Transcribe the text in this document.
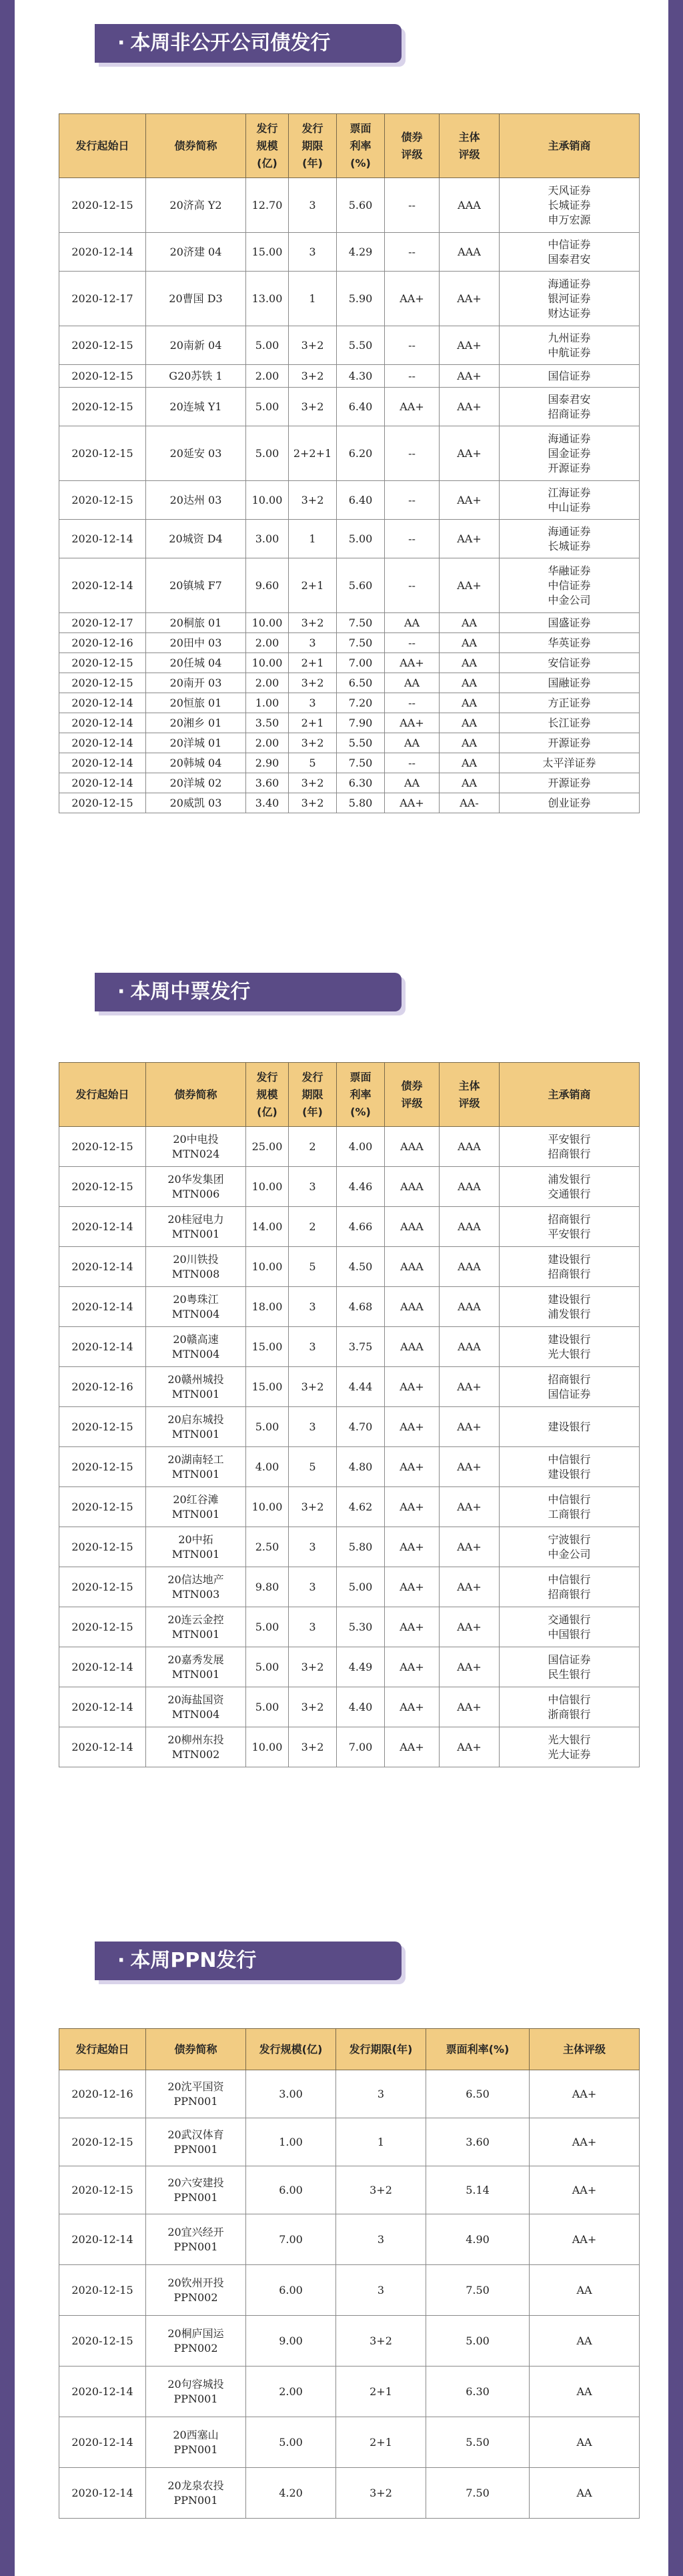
· 本周非公开公司债发行
发行起始日	债券简称	发行
规模
(亿)	发行
期限
(年)	票面
利率
(%)	债券
评级	主体
评级	主承销商
2020-12-15	20济高 Y2	12.70	3	5.60	--	AAA	天风证券
长城证券
申万宏源
2020-12-14	20济建 04	15.00	3	4.29	--	AAA	中信证券
国泰君安
2020-12-17	20曹国 D3	13.00	1	5.90	AA+	AA+	海通证券
银河证券
财达证券
2020-12-15	20南新 04	5.00	3+2	5.50	--	AA+	九州证券
中航证券
2020-12-15	G20苏铁 1	2.00	3+2	4.30	--	AA+	国信证券
2020-12-15	20连城 Y1	5.00	3+2	6.40	AA+	AA+	国泰君安
招商证券
2020-12-15	20延安 03	5.00	2+2+1	6.20	--	AA+	海通证券
国金证券
开源证券
2020-12-15	20达州 03	10.00	3+2	6.40	--	AA+	江海证券
中山证券
2020-12-14	20城资 D4	3.00	1	5.00	--	AA+	海通证券
长城证券
2020-12-14	20镇城 F7	9.60	2+1	5.60	--	AA+	华融证券
中信证券
中金公司
2020-12-17	20桐旅 01	10.00	3+2	7.50	AA	AA	国盛证券
2020-12-16	20田中 03	2.00	3	7.50	--	AA	华英证券
2020-12-15	20任城 04	10.00	2+1	7.00	AA+	AA	安信证券
2020-12-15	20南开 03	2.00	3+2	6.50	AA	AA	国融证券
2020-12-14	20恒旅 01	1.00	3	7.20	--	AA	方正证券
2020-12-14	20湘乡 01	3.50	2+1	7.90	AA+	AA	长江证券
2020-12-14	20洋城 01	2.00	3+2	5.50	AA	AA	开源证券
2020-12-14	20韩城 04	2.90	5	7.50	--	AA	太平洋证券
2020-12-14	20洋城 02	3.60	3+2	6.30	AA	AA	开源证券
2020-12-15	20威凯 03	3.40	3+2	5.80	AA+	AA-	创业证券
· 本周中票发行
发行起始日	债券简称	发行
规模
(亿)	发行
期限
(年)	票面
利率
(%)	债券
评级	主体
评级	主承销商
2020-12-15	20中电投
MTN024	25.00	2	4.00	AAA	AAA	平安银行
招商银行
2020-12-15	20华发集团
MTN006	10.00	3	4.46	AAA	AAA	浦发银行
交通银行
2020-12-14	20桂冠电力
MTN001	14.00	2	4.66	AAA	AAA	招商银行
平安银行
2020-12-14	20川铁投
MTN008	10.00	5	4.50	AAA	AAA	建设银行
招商银行
2020-12-14	20粤珠江
MTN004	18.00	3	4.68	AAA	AAA	建设银行
浦发银行
2020-12-14	20赣高速
MTN004	15.00	3	3.75	AAA	AAA	建设银行
光大银行
2020-12-16	20赣州城投
MTN001	15.00	3+2	4.44	AA+	AA+	招商银行
国信证券
2020-12-15	20启东城投
MTN001	5.00	3	4.70	AA+	AA+	建设银行
2020-12-15	20湖南轻工
MTN001	4.00	5	4.80	AA+	AA+	中信银行
建设银行
2020-12-15	20红谷滩
MTN001	10.00	3+2	4.62	AA+	AA+	中信银行
工商银行
2020-12-15	20中拓
MTN001	2.50	3	5.80	AA+	AA+	宁波银行
中金公司
2020-12-15	20信达地产
MTN003	9.80	3	5.00	AA+	AA+	中信银行
招商银行
2020-12-15	20连云金控
MTN001	5.00	3	5.30	AA+	AA+	交通银行
中国银行
2020-12-14	20嘉秀发展
MTN001	5.00	3+2	4.49	AA+	AA+	国信证券
民生银行
2020-12-14	20海盐国资
MTN004	5.00	3+2	4.40	AA+	AA+	中信银行
浙商银行
2020-12-14	20柳州东投
MTN002	10.00	3+2	7.00	AA+	AA+	光大银行
光大证券
· 本周PPN发行
发行起始日	债券简称	发行规模(亿)	发行期限(年)	票面利率(%)	主体评级
2020-12-16	20沈平国资
PPN001	3.00	3	6.50	AA+
2020-12-15	20武汉体育
PPN001	1.00	1	3.60	AA+
2020-12-15	20六安建投
PPN001	6.00	3+2	5.14	AA+
2020-12-14	20宜兴经开
PPN001	7.00	3	4.90	AA+
2020-12-15	20钦州开投
PPN002	6.00	3	7.50	AA
2020-12-15	20桐庐国运
PPN002	9.00	3+2	5.00	AA
2020-12-14	20句容城投
PPN001	2.00	2+1	6.30	AA
2020-12-14	20西塞山
PPN001	5.00	2+1	5.50	AA
2020-12-14	20龙泉农投
PPN001	4.20	3+2	7.50	AA
